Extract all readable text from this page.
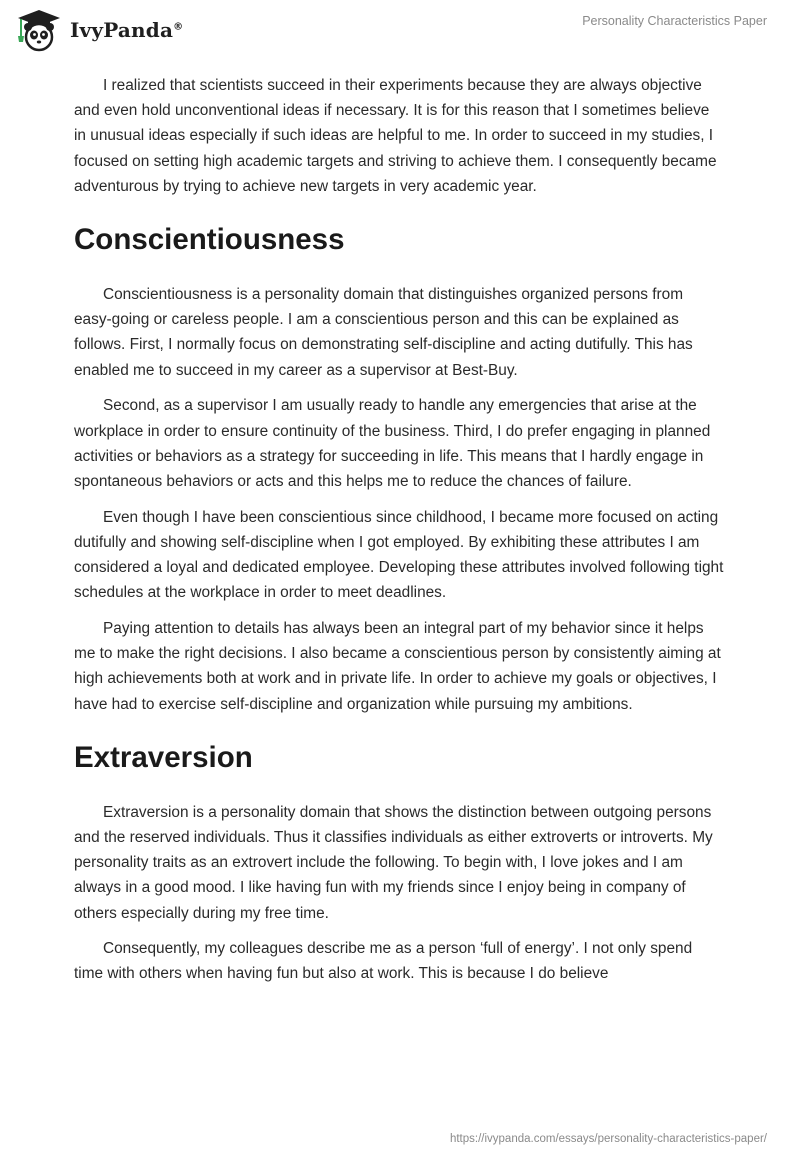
IvyPanda®	Personality Characteristics Paper

I realized that scientists succeed in their experiments because they are always objective and even hold unconventional ideas if necessary. It is for this reason that I sometimes believe in unusual ideas especially if such ideas are helpful to me. In order to succeed in my studies, I focused on setting high academic targets and striving to achieve them. I consequently became adventurous by trying to achieve new targets in very academic year.

Conscientiousness

Conscientiousness is a personality domain that distinguishes organized persons from easy-going or careless people. I am a conscientious person and this can be explained as follows. First, I normally focus on demonstrating self-discipline and acting dutifully. This has enabled me to succeed in my career as a supervisor at Best-Buy.

Second, as a supervisor I am usually ready to handle any emergencies that arise at the workplace in order to ensure continuity of the business. Third, I do prefer engaging in planned activities or behaviors as a strategy for succeeding in life. This means that I hardly engage in spontaneous behaviors or acts and this helps me to reduce the chances of failure.

Even though I have been conscientious since childhood, I became more focused on acting dutifully and showing self-discipline when I got employed. By exhibiting these attributes I am considered a loyal and dedicated employee. Developing these attributes involved following tight schedules at the workplace in order to meet deadlines.

Paying attention to details has always been an integral part of my behavior since it helps me to make the right decisions. I also became a conscientious person by consistently aiming at high achievements both at work and in private life. In order to achieve my goals or objectives, I have had to exercise self-discipline and organization while pursuing my ambitions.

Extraversion

Extraversion is a personality domain that shows the distinction between outgoing persons and the reserved individuals. Thus it classifies individuals as either extroverts or introverts. My personality traits as an extrovert include the following. To begin with, I love jokes and I am always in a good mood. I like having fun with my friends since I enjoy being in company of others especially during my free time.

Consequently, my colleagues describe me as a person ‘full of energy’. I not only spend time with others when having fun but also at work. This is because I do believe

https://ivypanda.com/essays/personality-characteristics-paper/
